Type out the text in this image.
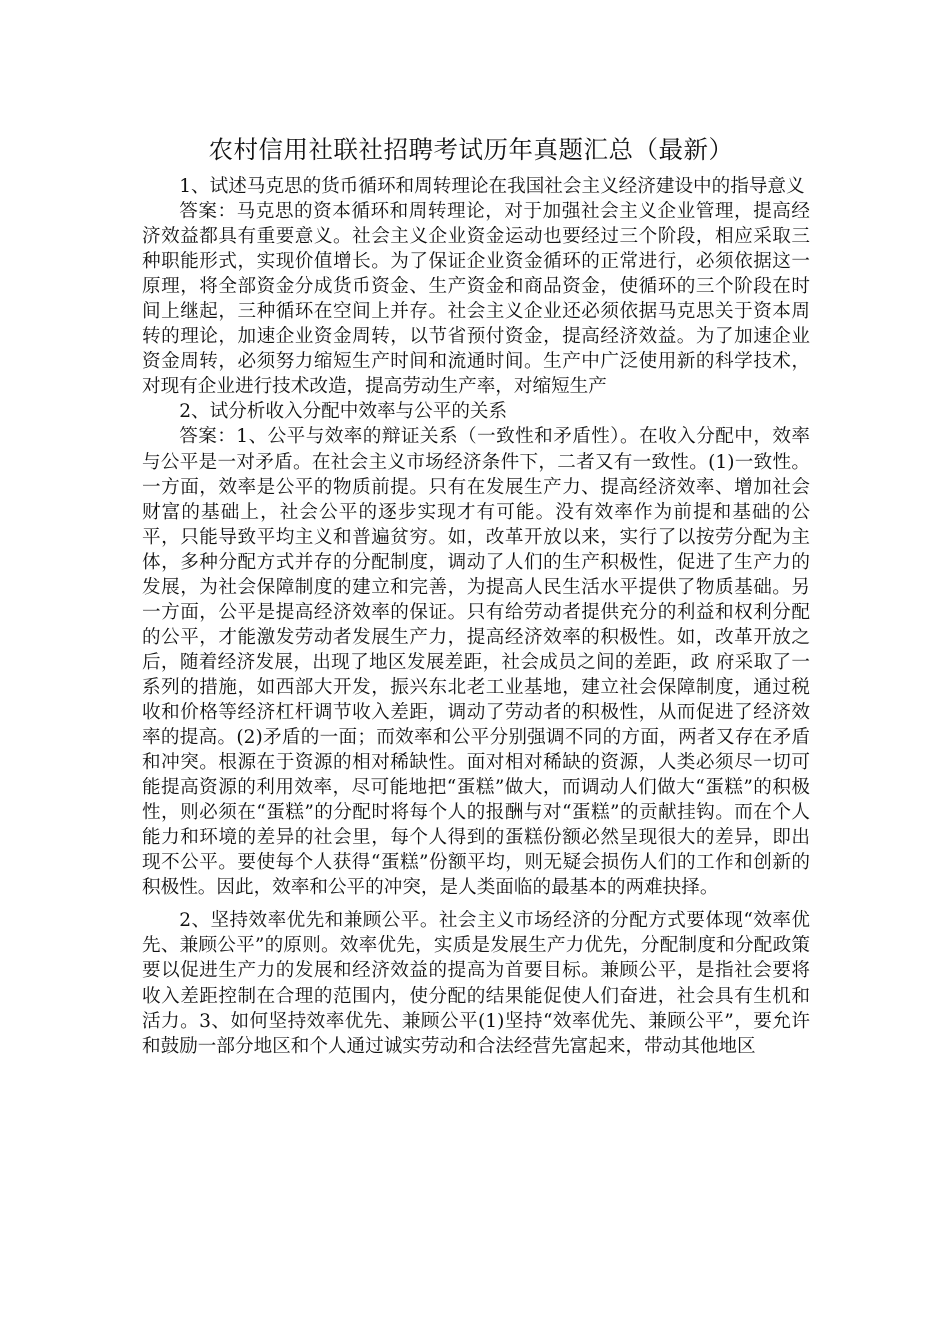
农村信用社联社招聘考试历年真题汇总（最新）

1、试述马克思的货币循环和周转理论在我国社会主义经济建设中的指导意义

答案：马克思的资本循环和周转理论，对于加强社会主义企业管理，提高经济效益都具有重要意义。社会主义企业资金运动也要经过三个阶段，相应采取三种职能形式，实现价值增长。为了保证企业资金循环的正常进行，必须依据这一原理，将全部资金分成货币资金、生产资金和商品资金，使循环的三个阶段在时间上继起，三种循环在空间上并存。社会主义企业还必须依据马克思关于资本周转的理论，加速企业资金周转，以节省预付资金，提高经济效益。为了加速企业资金周转，必须努力缩短生产时间和流通时间。生产中广泛使用新的科学技术，对现有企业进行技术改造，提高劳动生产率，对缩短生产

2、试分析收入分配中效率与公平的关系

答案：1、公平与效率的辩证关系（一致性和矛盾性）。在收入分配中，效率与公平是一对矛盾。在社会主义市场经济条件下，二者又有一致性。(1)一致性。一方面，效率是公平的物质前提。只有在发展生产力、提高经济效率、增加社会财富的基础上，社会公平的逐步实现才有可能。没有效率作为前提和基础的公平，只能导致平均主义和普遍贫穷。如，改革开放以来，实行了以按劳分配为主体，多种分配方式并存的分配制度，调动了人们的生产积极性，促进了生产力的发展，为社会保障制度的建立和完善，为提高人民生活水平提供了物质基础。另一方面，公平是提高经济效率的保证。只有给劳动者提供充分的利益和权利分配的公平，才能激发劳动者发展生产力，提高经济效率的积极性。如，改革开放之后，随着经济发展，出现了地区发展差距，社会成员之间的差距，政 府采取了一系列的措施，如西部大开发，振兴东北老工业基地，建立社会保障制度，通过税收和价格等经济杠杆调节收入差距，调动了劳动者的积极性，从而促进了经济效率的提高。(2)矛盾的一面；而效率和公平分别强调不同的方面，两者又存在矛盾和冲突。根源在于资源的相对稀缺性。面对相对稀缺的资源，人类必须尽一切可能提高资源的利用效率，尽可能地把“蛋糕”做大，而调动人们做大“蛋糕”的积极性，则必须在“蛋糕”的分配时将每个人的报酬与对“蛋糕”的贡献挂钩。而在个人能力和环境的差异的社会里，每个人得到的蛋糕份额必然呈现很大的差异，即出现不公平。要使每个人获得“蛋糕”份额平均，则无疑会损伤人们的工作和创新的积极性。因此，效率和公平的冲突，是人类面临的最基本的两难抉择。

2、坚持效率优先和兼顾公平。社会主义市场经济的分配方式要体现“效率优先、兼顾公平”的原则。效率优先，实质是发展生产力优先，分配制度和分配政策要以促进生产力的发展和经济效益的提高为首要目标。兼顾公平，是指社会要将收入差距控制在合理的范围内，使分配的结果能促使人们奋进，社会具有生机和活力。3、如何坚持效率优先、兼顾公平(1)坚持“效率优先、兼顾公平”，要允许和鼓励一部分地区和个人通过诚实劳动和合法经营先富起来，带动其他地区
